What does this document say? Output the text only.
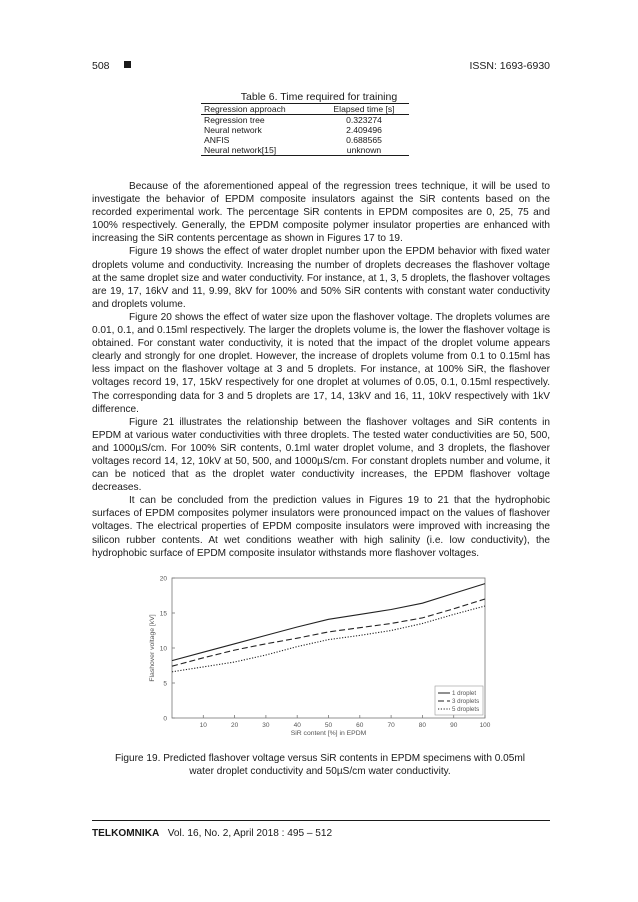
508	ISSN: 1693-6930
Table 6. Time required for training
Regression approach	Elapsed time [s]
Regression tree	0.323274
Neural network	2.409496
ANFIS	0.688565
Neural network[15]	unknown

Because of the aforementioned appeal of the regression trees technique, it will be used to investigate the behavior of EPDM composite insulators against the SiR contents based on the recorded experimental work. The percentage SiR contents in EPDM composites are 0, 25, 75 and 100% respectively. Generally, the EPDM composite polymer insulator properties are enhanced with increasing the SiR contents percentage as shown in Figures 17 to 19.

Figure 19 shows the effect of water droplet number upon the EPDM behavior with fixed water droplets volume and conductivity. Increasing the number of droplets decreases the flashover voltage at the same droplet size and water conductivity. For instance, at 1, 3, 5 droplets, the flashover voltages are 19, 17, 16kV and 11, 9.99, 8kV for 100% and 50% SiR contents with constant water conductivity and droplets volume.

Figure 20 shows the effect of water size upon the flashover voltage. The droplets volumes are 0.01, 0.1, and 0.15ml respectively. The larger the droplets volume is, the lower the flashover voltage is obtained. For constant water conductivity, it is noted that the impact of the droplet volume appears clearly and strongly for one droplet. However, the increase of droplets volume from 0.1 to 0.15ml has less impact on the flashover voltage at 3 and 5 droplets. For instance, at 100% SiR, the flashover voltages record 19, 17, 15kV respectively for one droplet at volumes of 0.05, 0.1, 0.15ml respectively. The corresponding data for 3 and 5 droplets are 17, 14, 13kV and 16, 11, 10kV respectively with 1kV difference.

Figure 21 illustrates the relationship between the flashover voltages and SiR contents in EPDM at various water conductivities with three droplets. The tested water conductivities are 50, 500, and 1000µS/cm. For 100% SiR contents, 0.1ml water droplet volume, and 3 droplets, the flashover voltages record 14, 12, 10kV at 50, 500, and 1000µS/cm. For constant droplets number and volume, it can be noticed that as the droplet water conductivity increases, the EPDM flashover voltage decreases.

It can be concluded from the prediction values in Figures 19 to 21 that the hydrophobic surfaces of EPDM composites polymer insulators were pronounced impact on the values of flashover voltages. The electrical properties of EPDM composite insulators were improved with increasing the silicon rubber contents. At wet conditions weather with high salinity (i.e. low conductivity), the hydrophobic surface of EPDM composite insulator withstands more flashover voltages.

0
5
10
15
20
10	20	30	40	50	60	70	80	90	100
SiR content [%] in EPDM
Flashover voltage [kV]
1 droplet
3 droplets
5 droplets
Figure 19. Predicted flashover voltage versus SiR contents in EPDM specimens with 0.05ml water droplet conductivity and 50µS/cm water conductivity.
TELKOMNIKA Vol. 16, No. 2, April 2018 : 495 – 512
